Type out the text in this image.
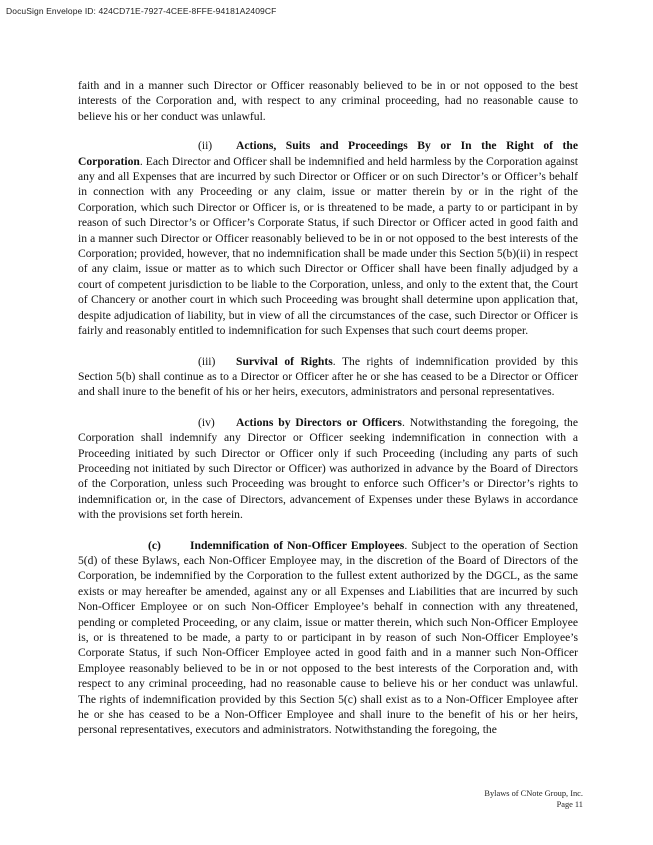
DocuSign Envelope ID: 424CD71E-7927-4CEE-8FFE-94181A2409CF

faith and in a manner such Director or Officer reasonably believed to be in or not opposed to the best interests of the Corporation and, with respect to any criminal proceeding, had no reasonable cause to believe his or her conduct was unlawful.

(ii) Actions, Suits and Proceedings By or In the Right of the Corporation. Each Director and Officer shall be indemnified and held harmless by the Corporation against any and all Expenses that are incurred by such Director or Officer or on such Director’s or Officer’s behalf in connection with any Proceeding or any claim, issue or matter therein by or in the right of the Corporation, which such Director or Officer is, or is threatened to be made, a party to or participant in by reason of such Director’s or Officer’s Corporate Status, if such Director or Officer acted in good faith and in a manner such Director or Officer reasonably believed to be in or not opposed to the best interests of the Corporation; provided, however, that no indemnification shall be made under this Section 5(b)(ii) in respect of any claim, issue or matter as to which such Director or Officer shall have been finally adjudged by a court of competent jurisdiction to be liable to the Corporation, unless, and only to the extent that, the Court of Chancery or another court in which such Proceeding was brought shall determine upon application that, despite adjudication of liability, but in view of all the circumstances of the case, such Director or Officer is fairly and reasonably entitled to indemnification for such Expenses that such court deems proper.

(iii) Survival of Rights. The rights of indemnification provided by this Section 5(b) shall continue as to a Director or Officer after he or she has ceased to be a Director or Officer and shall inure to the benefit of his or her heirs, executors, administrators and personal representatives.

(iv) Actions by Directors or Officers. Notwithstanding the foregoing, the Corporation shall indemnify any Director or Officer seeking indemnification in connection with a Proceeding initiated by such Director or Officer only if such Proceeding (including any parts of such Proceeding not initiated by such Director or Officer) was authorized in advance by the Board of Directors of the Corporation, unless such Proceeding was brought to enforce such Officer’s or Director’s rights to indemnification or, in the case of Directors, advancement of Expenses under these Bylaws in accordance with the provisions set forth herein.

(c)	Indemnification of Non-Officer Employees. Subject to the operation of Section 5(d) of these Bylaws, each Non-Officer Employee may, in the discretion of the Board of Directors of the Corporation, be indemnified by the Corporation to the fullest extent authorized by the DGCL, as the same exists or may hereafter be amended, against any or all Expenses and Liabilities that are incurred by such Non-Officer Employee or on such Non-Officer Employee’s behalf in connection with any threatened, pending or completed Proceeding, or any claim, issue or matter therein, which such Non-Officer Employee is, or is threatened to be made, a party to or participant in by reason of such Non-Officer Employee’s Corporate Status, if such Non-Officer Employee acted in good faith and in a manner such Non-Officer Employee reasonably believed to be in or not opposed to the best interests of the Corporation and, with respect to any criminal proceeding, had no reasonable cause to believe his or her conduct was unlawful. The rights of indemnification provided by this Section 5(c) shall exist as to a Non-Officer Employee after he or she has ceased to be a Non-Officer Employee and shall inure to the benefit of his or her heirs, personal representatives, executors and administrators. Notwithstanding the foregoing, the

Bylaws of CNote Group, Inc.
Page 11
